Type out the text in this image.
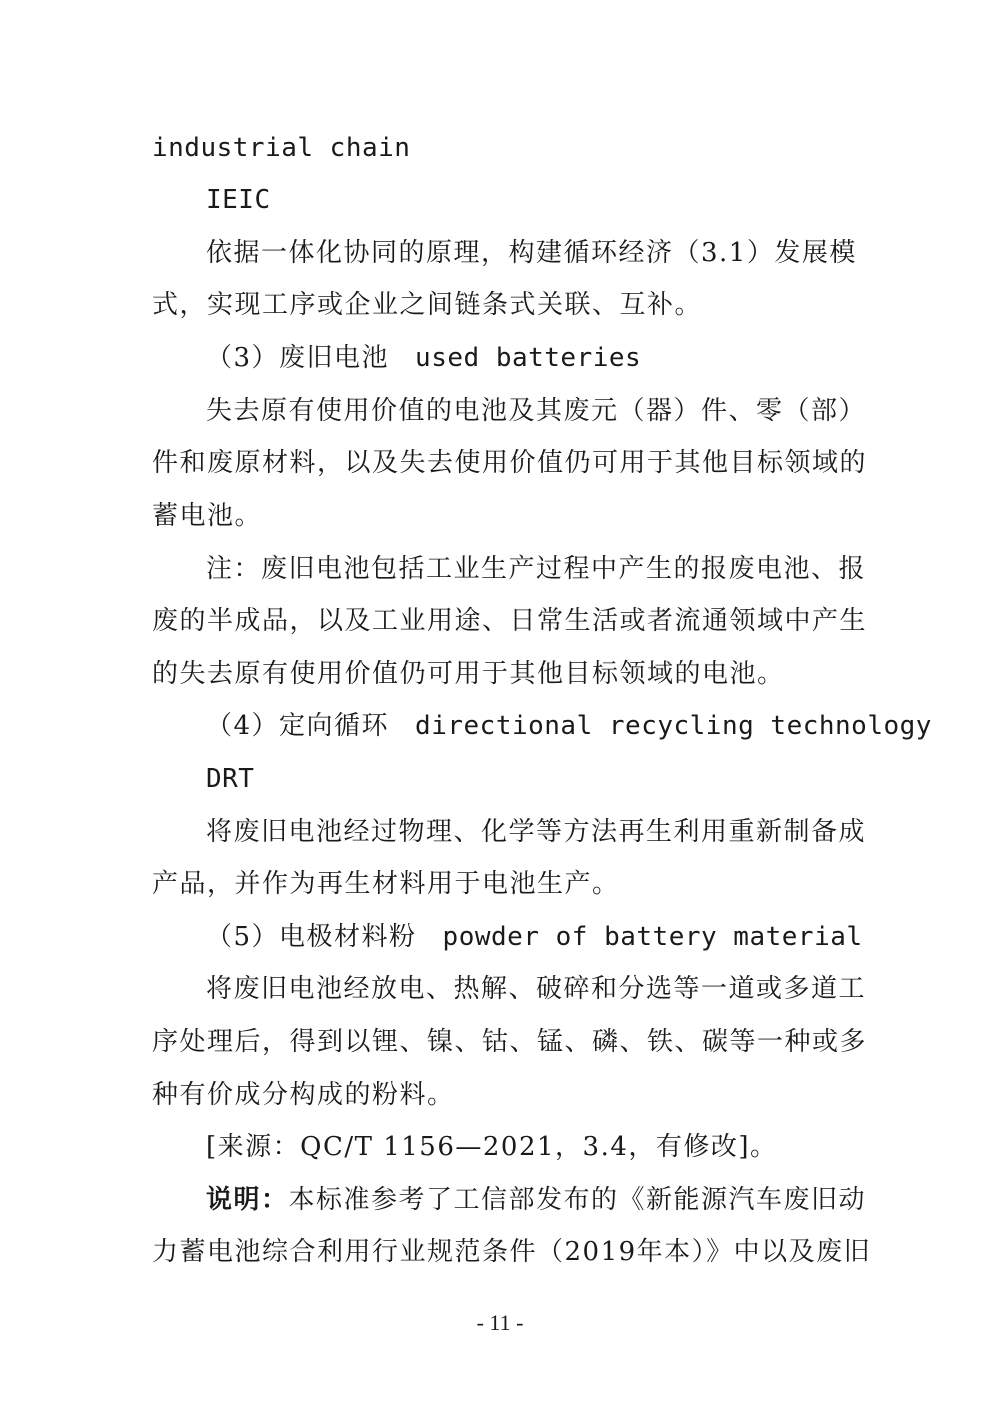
industrial chain
IEIC
依据一体化协同的原理，构建循环经济（3.1）发展模
式，实现工序或企业之间链条式关联、互补。
（3）废旧电池 used batteries
失去原有使用价值的电池及其废元（器）件、零（部）
件和废原材料，以及失去使用价值仍可用于其他目标领域的
蓄电池。
注：废旧电池包括工业生产过程中产生的报废电池、报
废的半成品，以及工业用途、日常生活或者流通领域中产生
的失去原有使用价值仍可用于其他目标领域的电池。
（4）定向循环 directional recycling technology
DRT
将废旧电池经过物理、化学等方法再生利用重新制备成
产品，并作为再生材料用于电池生产。
（5）电极材料粉 powder of battery material
将废旧电池经放电、热解、破碎和分选等一道或多道工
序处理后，得到以锂、镍、钴、锰、磷、铁、碳等一种或多
种有价成分构成的粉料。
[来源：QC/T 1156—2021，3.4，有修改]。
说明：本标准参考了工信部发布的《新能源汽车废旧动
力蓄电池综合利用行业规范条件（2019年本）》中以及废旧
- 11 -
